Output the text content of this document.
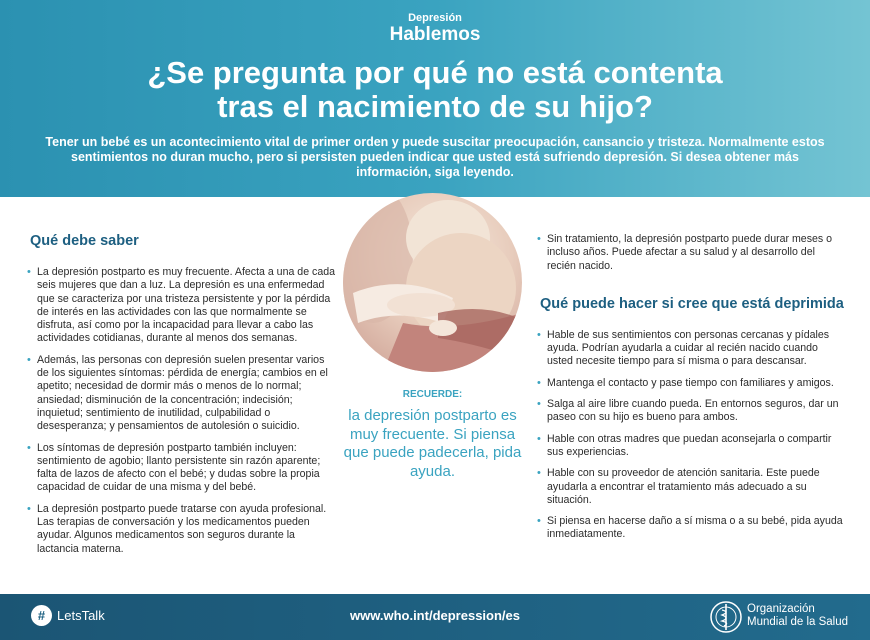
Depresión
Hablemos
¿Se pregunta por qué no está contenta
tras el nacimiento de su hijo?
Tener un bebé es un acontecimiento vital de primer orden y puede suscitar preocupación, cansancio y tristeza. Normalmente estos sentimientos no duran mucho, pero si persisten pueden indicar que usted está sufriendo depresión. Si desea obtener más información, siga leyendo.
Qué debe saber
• La depresión postparto es muy frecuente. Afecta a una de cada seis mujeres que dan a luz. La depresión es una enfermedad que se caracteriza por una tristeza persistente y por la pérdida de interés en las actividades con las que normalmente se disfruta, así como por la incapacidad para llevar a cabo las actividades cotidianas, durante al menos dos semanas.
• Además, las personas con depresión suelen presentar varios de los siguientes síntomas: pérdida de energía; cambios en el apetito; necesidad de dormir más o menos de lo normal; ansiedad; disminución de la concentración; indecisión; inquietud; sentimiento de inutilidad, culpabilidad o desesperanza; y pensamientos de autolesión o suicidio.
• Los síntomas de depresión postparto también incluyen: sentimiento de agobio; llanto persistente sin razón aparente; falta de lazos de afecto con el bebé; y dudas sobre la propia capacidad de cuidar de una misma y del bebé.
• La depresión postparto puede tratarse con ayuda profesional. Las terapias de conversación y los medicamentos pueden ayudar. Algunos medicamentos son seguros durante la lactancia materna.
RECUERDE:
la depresión postparto es muy frecuente. Si piensa que puede padecerla, pida ayuda.
• Sin tratamiento, la depresión postparto puede durar meses o incluso años. Puede afectar a su salud y al desarrollo del recién nacido.
Qué puede hacer si cree que está deprimida
• Hable de sus sentimientos con personas cercanas y pídales ayuda. Podrían ayudarla a cuidar al recién nacido cuando usted necesite tiempo para sí misma o para descansar.
• Mantenga el contacto y pase tiempo con familiares y amigos.
• Salga al aire libre cuando pueda. En entornos seguros, dar un paseo con su hijo es bueno para ambos.
• Hable con otras madres que puedan aconsejarla o compartir sus experiencias.
• Hable con su proveedor de atención sanitaria. Este puede ayudarla a encontrar el tratamiento más adecuado a su situación.
• Si piensa en hacerse daño a sí misma o a su bebé, pida ayuda inmediatamente.
# LetsTalk	www.who.int/depression/es	Organización
Mundial de la Salud
